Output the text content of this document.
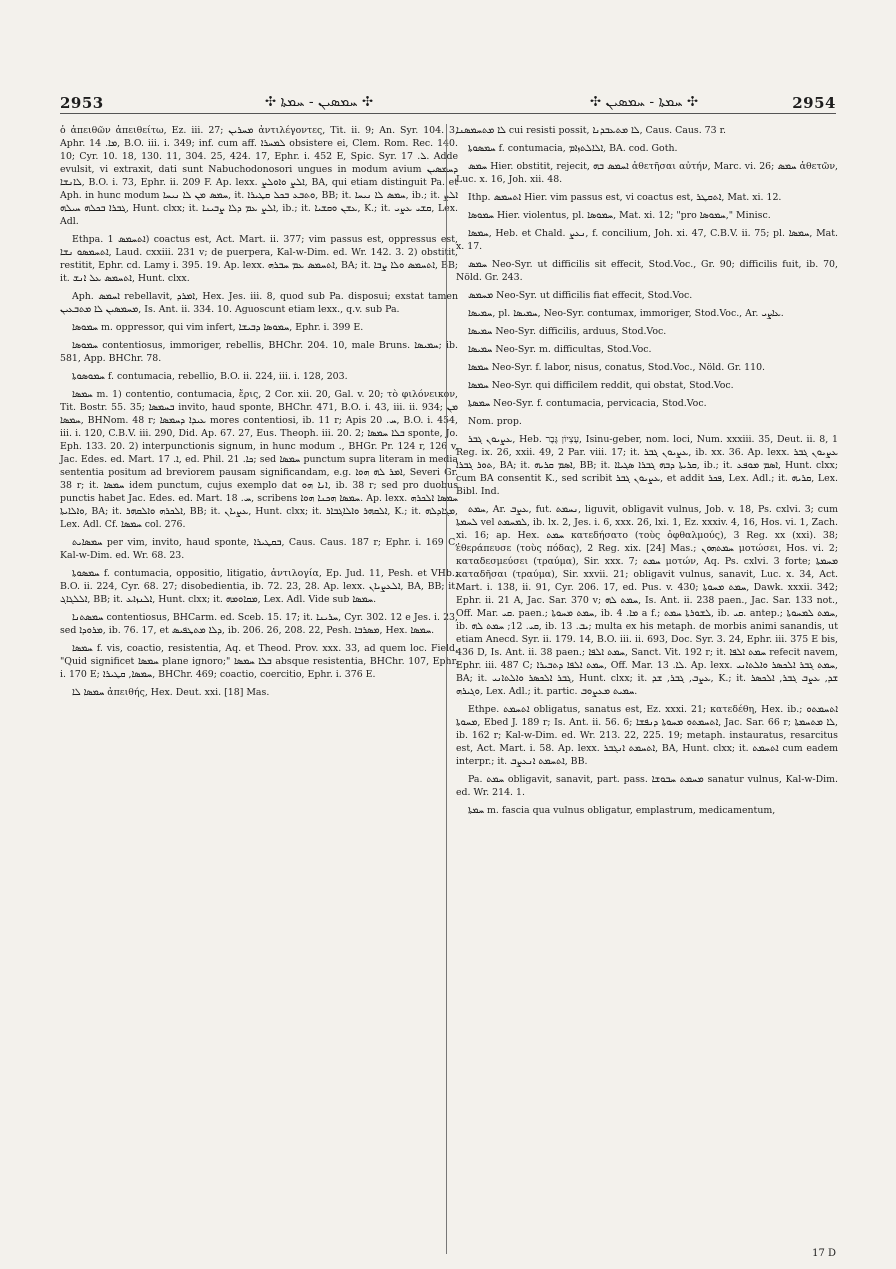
2953	✣ ܚܡܣܝܢ - ܚܡܬܐ ✣	✣ ܚܡܬܐ - ܚܡܣܝܢ ✣	2954

ὁ ἀπειθῶν ἀπειθείτω, Ez. iii. 27; ܡܚܪܝܢ ἀντιλέγοντες, Tit. ii. 9; An. Syr. 104. 3, Aphr. ܡܐ. 14, B.O. iii. i. 349; inf. cum aff. ܠܡܚܪܐ obsistere ei, Clem. Rom. Rec. 140. 10; Cyr. 10. 18, 130. 11, 304. 25, 424. 17, Ephr. i. 452 E, Spic. Syr. ܠ. 17. Adde evulsit, vi extraxit, dati sunt Nabuchodonosori ungues in modum avium ܕܚܡܣܝܢ ܠܐܢܫܐ, B.O. i. 73, Ephr. ii. 209 F. Ap. lexx. ܐܠܨ ܘܐܘܠܨ, BA, qui etiam distinguit Pa. et Aph. in hunc modum ܚܡܣ ܡܢ ܠܐ ܢܝܚܐ, it. ܘܬܒܥ ܒܟܠ ܩܛܝܪܐ, BB; it. ܚܡܣ ܠܐ ܢܝܚܐ, ib.; it. ܐܠܨ ܓܒܪܐ ܒܟܠܗ ܚܝܠܗ, Hunt. clxx; it. ܐܠܨ ܥܡ ܕܠܐ ܨܒܝܢܐ, ib.; it. ܥܫܢ ܘܩܫܝܐ, K.; it. ܩܫܝ ܥܨܝ, Lex. Adl.

Ethpa. ܐܬܚܡܣ 1) coactus est, Act. Mart. ii. 377; vim passus est, oppressus est, ܐܬܚܡܣܘ ܢܫܐ, Laud. cxxiii. 231 v; de puerpera, Kal-w-Dim. ed. Wr. 142. 3. 2) obstitit, restitit, Ephr. cd. Lamy i. 395. 19. Ap. lexx. ܐܬܚܡܣ ܥܡ ܚܒܪܗ, BA; it. ܐܬܚܡܣ ܘܠܐ ܨܒܐ, BB; it. ܐܬܚܡܣ ܥܠ ܐܢܫ, Hunt. clxx.

Aph. ܐܚܡܣ rebellavit, ܐܡܪܕ, Hex. Jes. iii. 8, quod sub Pa. disposui; exstat tamen ܡܚܡܣܝܢ ܠܐ ܡܬܒܥܝܢ, Is. Ant. ii. 334. 10. Aguoscunt etiam lexx., q.v. sub Pa.

ܚܡܘܣܐ m. oppressor, qui vim infert, ܚܡܘܣܐ ܕܒܝܫܐ, Ephr. i. 399 E.

ܚܡܘܣܐ contentiosus, immoriger, rebellis, BHChr. 204. 10, male Bruns. ܚܡܝܣܐ; ib. 581, App. BHChr. 78.

ܚܡܘܣܘܬܐ f. contumacia, rebellio, B.O. ii. 224, iii. i. 128, 203.

ܚܡܣܐ m. 1) contentio, contumacia, ἔρις, 2 Cor. xii. 20, Gal. v. 20; τὸ φιλόνεικον, Tit. Bostr. 55. 35; ܒܚܡܣܐ invito, haud sponte, BHChr. 471, B.O. i. 43, iii. ii. 934; ܡܢ ܚܡܣܐ, BHNom. 48 r; ܥܝܕܐ ܕܚܡܣܐ mores contentiosi, ib. 11 r; Apis ܚ. 20, B.O. i. 454, iii. i. 120, C.B.V. iii. 290, Did. Ap. 67. 27, Eus. Theoph. iii. 20. 2; ܒܠܐ ܚܡܣܐ sponte, Jo. Eph. 133. 20. 2) interpunctionis signum, in hunc modum ., BHGr. Pr. 124 r, 126 v, Jac. Edes. ed. Mart. ܐ. 17, ed. Phil. ܟܐ. 21; sed ܚܡܣܐ punctum supra literam in media sententia positum ad breviorem pausam significandam, e.g. ܐܡܪ ܠܗ ܗܘܐ, Severi Gr. 38 r; it. ܚܡܣܐ idem punctum, cujus exemplo dat ܐܢܐ ܗܘ, ib. 38 r; sed pro duobus punctis habet Jac. Edes. ed. Mart. ܚ. 18, scribens ܚܡܣܐ ܗܟܢܐ ܗܘܐ. Ap. lexx. ܚܡܣܐ ܐܠܟܪܗ ܘܐܠܐܝܬܐ, BA; it. ܐܠܟܪܗ ܘܐܠܩܗܪ, BB; it. ܥܨܝܐܢ, Hunt. clxx; it. ܐܠܩܗܪ ܘܐܠܐܓܒܐܪ, K.; it. ܡܓܐܕܠܗ, Lex. Adl. Cf. ܚܡܣܐ col. 276.

ܚܡܣܐܝܬ per vim, invito, haud sponte, ܒܩܛܝܪܐ, Caus. Caus. 187 r; Ephr. i. 169 C, Kal-w-Dim. ed. Wr. 68. 23.

ܚܡܣܘܬܐ f. contumacia, oppositio, litigatio, ἀντιλογία, Ep. Jud. 11, Pesh. et VHb.; B.O. ii. 224, Cyr. 68. 27; disobedientia, ib. 72. 23, 28. Ap. lexx. ܐܠܥܨܝܐܢ, BA, BB; it. ܐܠܠܓܐܓ, BB; it. ܐܠܢܙܐܥ, Hunt. clxx; it. ܡܩܐܘܡܗ, Lex. Adl. Vide sub ܚܡܣܐ.

ܚܡܣܬܢܐ contentiosus, BHCarm. ed. Sceb. 15. 17; it. ܚܪܝܢܐ, Cyr. 302. 12 e Jes. i. 23, sed ܡܪܘܕܐ, ib. 76. 17, et ܕܠܐ ܡܬܛܦܝܣ, ib. 206. 26, 208. 22, Pesh. ܡܣܪܒܐ, Hex. ܚܡܣܐ.

ܚܡܣܐ f. vis, coactio, resistentia, Aq. et Theod. Prov. xxx. 33, ad quem loc. Field, "Quid significet ܚܡܣܐ plane ignoro;" ܒܠܐ ܚܡܣܐ absque resistentia, BHChr. 107, Ephr. i. 170 E; ܚܡܣܐ, ܩܛܝܪܐ, BHChr. 469; coactio, coercitio, Ephr. i. 376 E.

ܚܡܣܐ ܠܐ ἀπειθής, Hex. Deut. xxi. [18] Mas.

ܠܐ ܡܬܚܡܣܢܐ cui resisti possit, ܠܐ ܡܬܥܒܕܢܐ, Caus. Caus. 73 r.

ܚܡܣܘܬܐ f. contumacia, ܐܠܐܠܬܙܐܡ, BA. cod. Goth.

ܚܡܣ Hier. obstitit, rejecit, ܐܚܡܣ ܒܗ ἀθετῆσαι αὐτήν, Marc. vi. 26; ܚܡܣ ἀθετῶν, Luc. x. 16, Joh. xii. 48.

Ithp. ܐܬܚܡܣ Hier. vim passus est, vi coactus est, ܐܬܩܛܪ, Mat. xi. 12.

ܚܡܘܣܐ Hier. violentus, pl. ܚܡܘܣܐ, Mat. xi. 12; "pro ܚܡܘܣܐ," Minisc.

ܚܡܣܐ, Heb. et Chald. ܢܥܨ, f. concilium, Joh. xi. 47, C.B.V. ii. 75; pl. ܚܡܣܐ, Mat. x. 17.

ܚܡܣ Neo-Syr. ut difficilis sit effecit, Stod.Voc., Gr. 90; difficilis fuit, ib. 70, Nöld. Gr. 243.

ܡܚܡܣ Neo-Syr. ut difficilis fiat effecit, Stod.Voc.

ܚܡܝܣܐ, pl. ܚܡܝܣܐ, Neo-Syr. contumax, immoriger, Stod.Voc., Ar. ܥܐܨܝ.

ܚܡܝܣܐ Neo-Syr. difficilis, arduus, Stod.Voc.

ܚܡܝܣܐ Neo-Syr. m. difficultas, Stod.Voc.

ܚܡܣܐ Neo-Syr. f. labor, nisus, conatus, Stod.Voc., Nöld. Gr. 110.

ܚܡܣܐ Neo-Syr. qui difficilem reddit, qui obstat, Stod.Voc.

ܚܡܣܬܐ Neo-Syr. f. contumacia, pervicacia, Stod.Voc.

Nom. prop.

ܥܨܝܘܢ ܓܒܪ, Heb. עֶצְיוֹן גֶּבֶר, Isinu-geber, nom. loci, Num. xxxiii. 35, Deut. ii. 8, 1 Reg. ix. 26, xxii. 49, 2 Par. viii. 17; it. ܥܨܝܘܢ ܓܒܪ, ib. xx. 36. Ap. lexx. ܥܨܝܘܢ ܓܒܪ ܬܘܪ ܓܒܪܐ, BA; it. ܐܣܡ ܩܪܝܗ, BB; it. ܩܪܝܬܐ ܕܒܗ ܓܒܪܐ ܣܓܝܐܐ, ib.; it. ܐܣܡ ܡܘܦܥ, Hunt. clxx; cum BA consentit K., sed scribit ܥܨܝܘܢ ܓܒܪ, et addit ܦܟܪ, Lex. Adl.; it. ܩܪܝܗ, Lex. Bibl. Ind.

ܚܡܬ, Ar. ܥܨܒ, fut. ܢܚܡܬ, liguvit, obligavit vulnus, Job. v. 18, Ps. cxlvi. 3; cum ܠܚܡܬܐ vel ܠܡܚܡܬ, ib. lx. 2, Jes. i. 6, xxx. 26, lxi. 1, Ez. xxxiv. 4, 16, Hos. vi. 1, Zach. xi. 16; ap. Hex. ܚܡܬ κατεδήσατο (τοὺς ὀφθαλμούς), 3 Reg. xx (xxi). 38; ἐθεράπευσε (τοὺς πόδας), 2 Reg. xix. [24] Mas.; ܚܡܬܗܘܢ μοτώσει, Hos. vi. 2; καταδεσμεύσει (τραύμα), Sir. xxx. 7; ܚܡܬ μοτών, Aq. Ps. cxlvi. 3 forte; ܡܚܡܬܐ καταδῆσαι (τραύμα), Sir. xxvii. 21; obligavit vulnus, sanavit, Luc. x. 34, Act. Mart. i. 138, ii. 91, Cyr. 206. 17, ed. Pus. v. 430; ܚܡܬ ܡܚܘܬܐ, Dawk. xxxii. 342; Ephr. ii. 21 A, Jac. Sar. 370 v; ܚܡܬ ܠܗ, Is. Ant. ii. 238 paen., Jac. Sar. 133 not., Off. Mar. ܩܝ. paen.; ܚܡܬ ܡܚܘܬܐ, ib. ܡܐ. 4 a f.; ܠܫܘܪܬܐ ܚܡܬ, ib. ܩܝ. antep.; ܚܡܬ ܠܡܚܘܬܐ, ib. ܩܝ. 12; ܚܡܬ ܠܗ, ib. ܝܒ. 13; multa ex his metaph. de morbis animi sanandis, ut etiam Anecd. Syr. ii. 179. 14, B.O. iii. ii. 693, Doc. Syr. 3. 24, Ephr. iii. 375 E bis, 436 D, Is. Ant. ii. 38 paen.; ܚܡܬ ܐܠܦܐ, Sanct. Vit. 192 r; it. ܚܡܬ ܐܠܦܐ refecit navem, Ephr. iii. 487 C; ܚܡܬ ܐܠܦܐ ܕܬܒܝܪܐ, Off. Mar. ܠܐ. 13. Ap. lexx. ܚܡܬ ܓܒܪ ܐܠܟܣܪ ܘܐܠܬܐܢܝ, BA; it. ܓܒܪ ܐܠܟܣܪ ܘܐܠܬܐܢܝ, Hunt. clxx; it. ܥܨܒ, ܓܒܪ, ܫܕ, K.; it. ܫܕ, ܥܨܒ ܓܒܪ, ܐܠܟܣܪ ܘܓܝܪܗ, Lex. Adl.; it. partic. ܚܡܝܬ ܡܥܨܘܒ.

Ethpe. ܐܬܚܡܬ obligatus, sanatus est, Ez. xxxi. 21; κατεδέθη, Hex. ib.; ܐܬܚܡܬܘ ܡܚܘܬܐ, Ebed J. 189 r; Is. Ant. ii. 56. 6; ܐܬܚܡܬܘ ܡܚܘܬܐ ܕܢܦܫܐ, Jac. Sar. 66 r; ܠܐ ܡܬܚܡܬܐ, ib. 162 r; Kal-w-Dim. ed. Wr. 213. 22, 225. 19; metaph. instauratus, resarcitus est, Act. Mart. i. 58. Ap. lexx. ܐܬܚܡܬ ܐܢܓܒܪ, BA, Hunt. clxx; it. ܐܬܚܡܬ cum eadem interpr.; it. ܐܬܚܡܬ ܐܢܥܨܒ, BB.

Pa. ܚܡܬ obligavit, sanavit, part. pass. ܡܚܡܬ ܚܒܘܫܐ sanatur vulnus, Kal-w-Dim. ed. Wr. 214. 1.

ܚܡܬܐ m. fascia qua vulnus obligatur, emplastrum, medicamentum,

17 D
